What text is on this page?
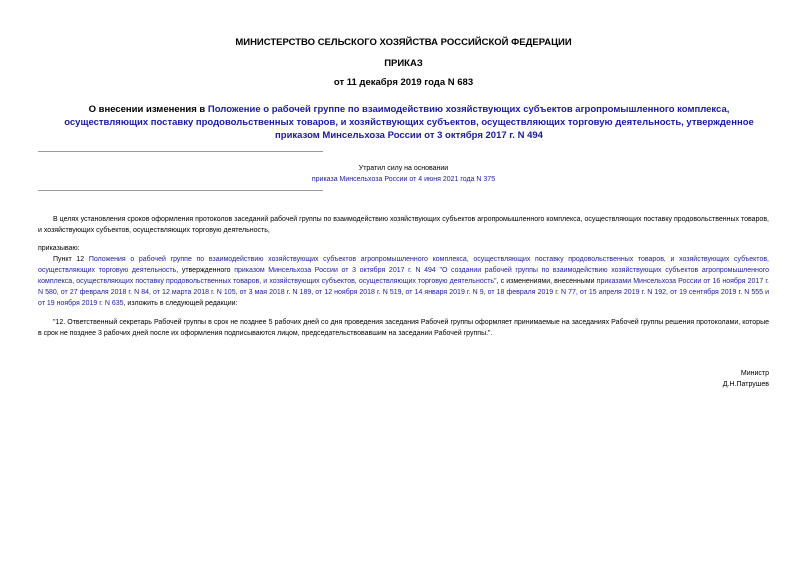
МИНИСТЕРСТВО СЕЛЬСКОГО ХОЗЯЙСТВА РОССИЙСКОЙ ФЕДЕРАЦИИ
ПРИКАЗ
от 11 декабря 2019 года N 683
О внесении изменения в Положение о рабочей группе по взаимодействию хозяйствующих субъектов агропромышленного комплекса, осуществляющих поставку продовольственных товаров, и хозяйствующих субъектов, осуществляющих торговую деятельность, утвержденное приказом Минсельхоза России от 3 октября 2017 г. N 494
Утратил силу на основании
приказа Минсельхоза России от 4 июня 2021 года N 375
В целях установления сроков оформления протоколов заседаний рабочей группы по взаимодействию хозяйствующих субъектов агропромышленного комплекса, осуществляющих поставку продовольственных товаров, и хозяйствующих субъектов, осуществляющих торговую деятельность,
приказываю:
Пункт 12 Положения о рабочей группе по взаимодействию хозяйствующих субъектов агропромышленного комплекса, осуществляющих поставку продовольственных товаров, и хозяйствующих субъектов, осуществляющих торговую деятельность, утвержденного приказом Минсельхоза России от 3 октября 2017 г. N 494 "О создании рабочей группы по взаимодействию хозяйствующих субъектов агропромышленного комплекса, осуществляющих поставку продовольственных товаров, и хозяйствующих субъектов, осуществляющих торговую деятельность", с изменениями, внесенными приказами Минсельхоза России от 16 ноября 2017 г. N 580, от 27 февраля 2018 г. N 84, от 12 марта 2018 г. N 105, от 3 мая 2018 г. N 189, от 12 ноября 2018 г. N 519, от 14 января 2019 г. N 9, от 18 февраля 2019 г. N 77, от 15 апреля 2019 г. N 192, от 19 сентября 2019 г. N 555 и от 19 ноября 2019 г. N 635, изложить в следующей редакции:
"12. Ответственный секретарь Рабочей группы в срок не позднее 5 рабочих дней со дня проведения заседания Рабочей группы оформляет принимаемые на заседаниях Рабочей группы решения протоколами, которые в срок не позднее 3 рабочих дней после их оформления подписываются лицом, председательствовавшим на заседании Рабочей группы.".
Министр
Д.Н.Патрушев
